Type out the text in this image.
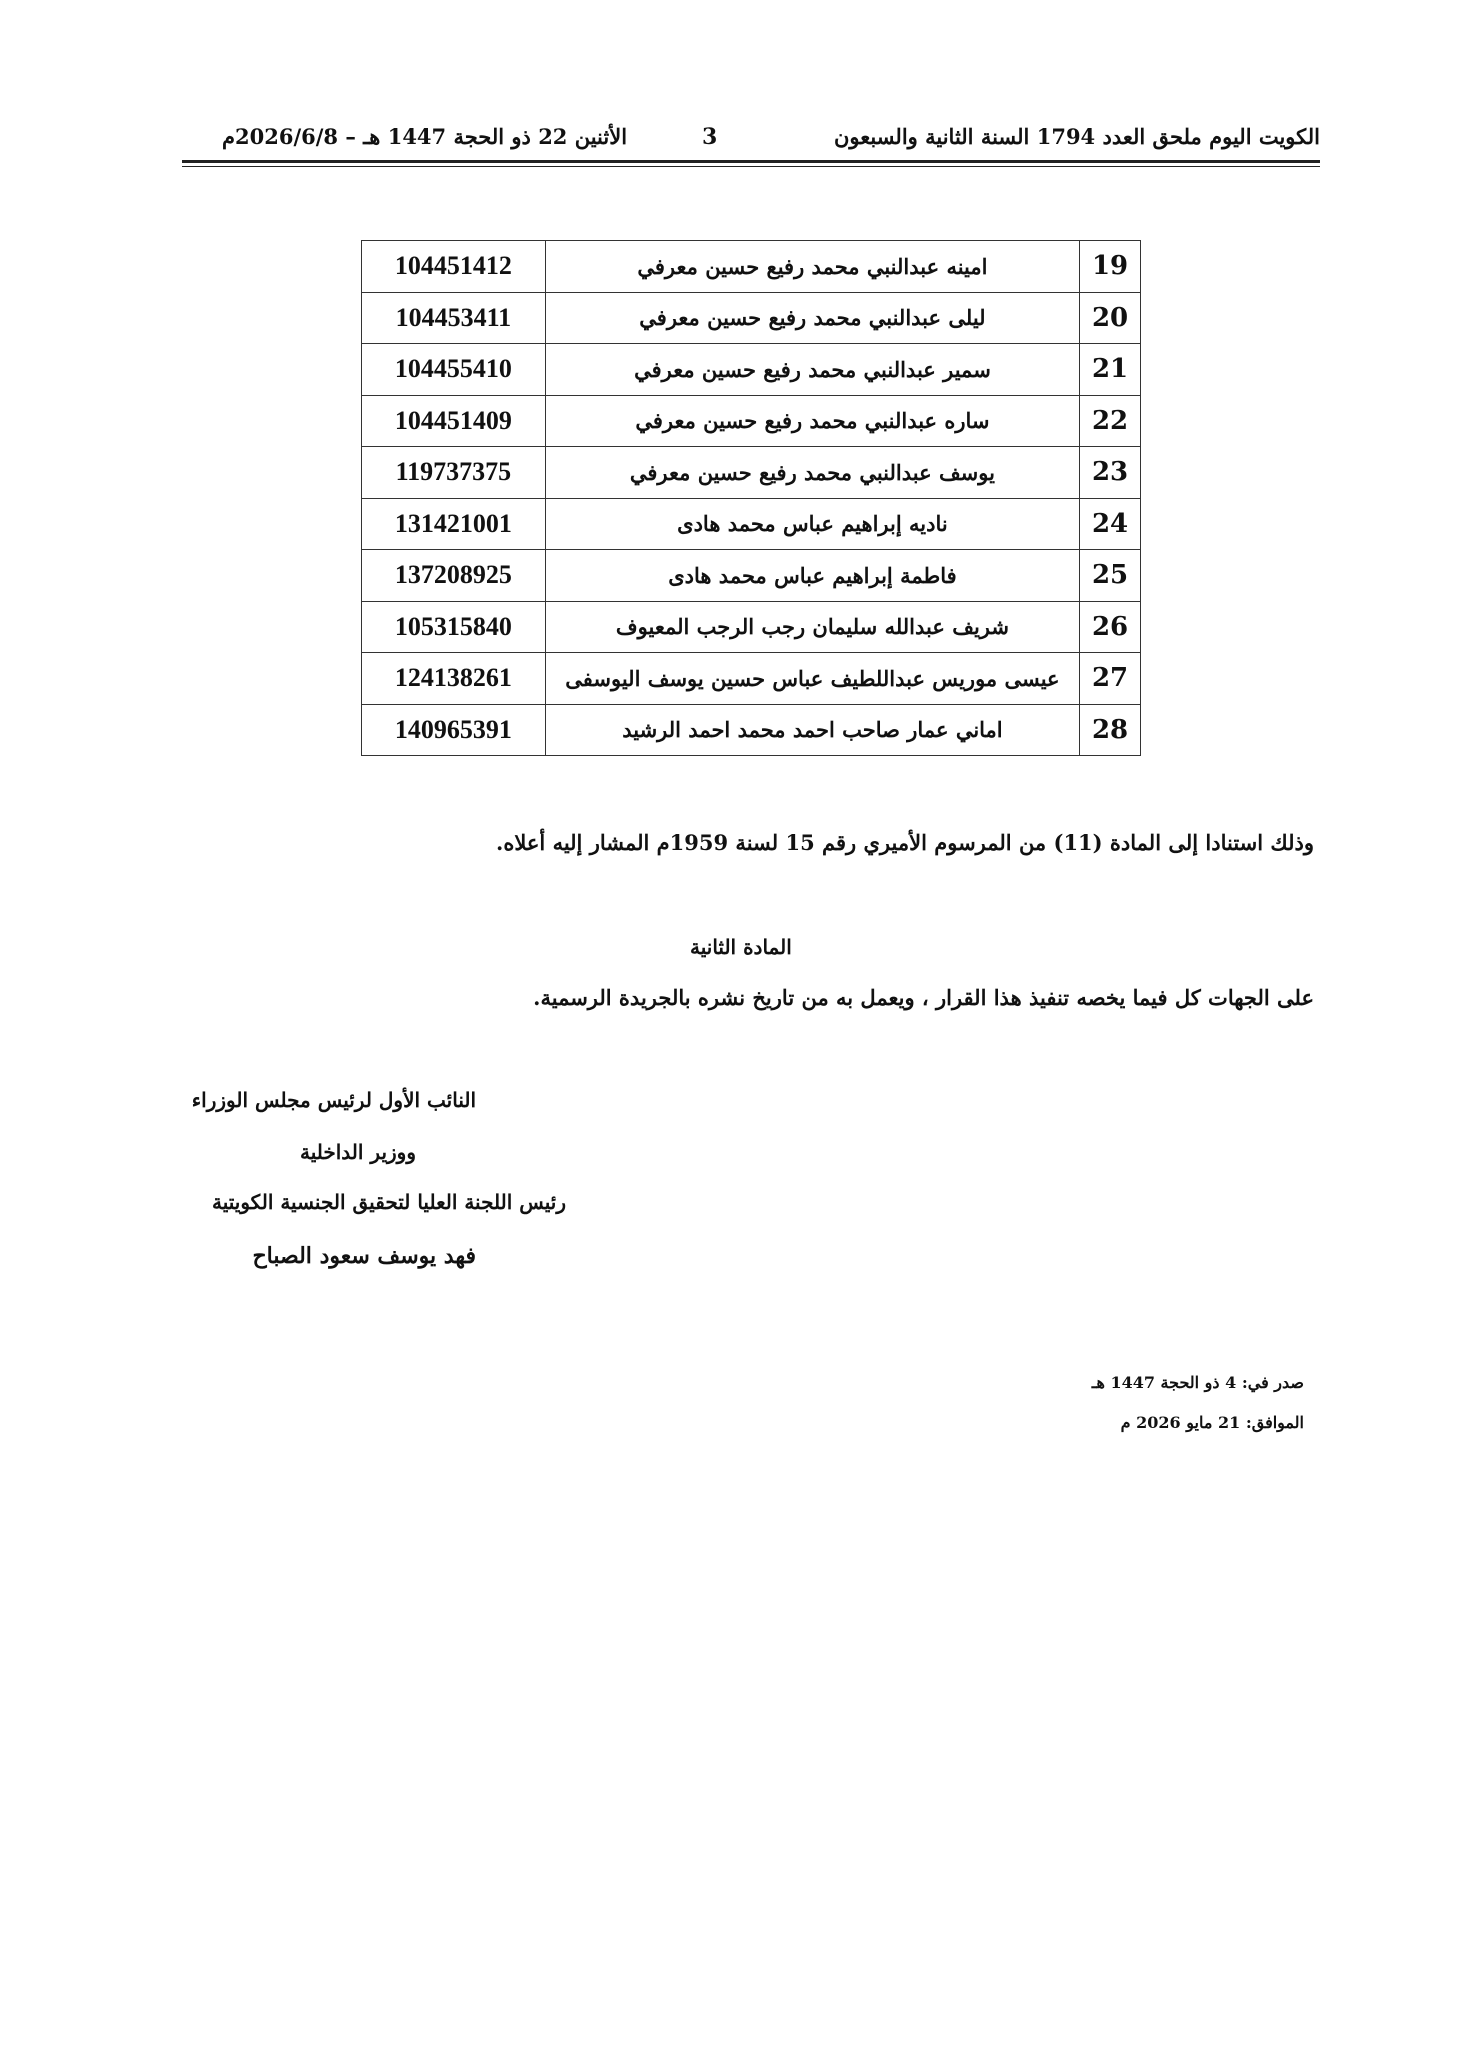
الكويت اليوم ملحق العدد 1794 السنة الثانية والسبعون
3
الأثنين 22 ذو الحجة 1447 هـ – 2026/6/8م
19	امينه عبدالنبي محمد رفيع حسين معرفي	104451412
20	ليلى عبدالنبي محمد رفيع حسين معرفي	104453411
21	سمير عبدالنبي محمد رفيع حسين معرفي	104455410
22	ساره عبدالنبي محمد رفيع حسين معرفي	104451409
23	يوسف عبدالنبي محمد رفيع حسين معرفي	119737375
24	ناديه إبراهيم عباس محمد هادى	131421001
25	فاطمة إبراهيم عباس محمد هادى	137208925
26	شريف عبدالله سليمان رجب الرجب المعيوف	105315840
27	عيسى موريس عبداللطيف عباس حسين يوسف اليوسفى	124138261
28	اماني عمار صاحب احمد محمد احمد الرشيد	140965391
وذلك استنادا إلى المادة (11) من المرسوم الأميري رقم 15 لسنة 1959م المشار إليه أعلاه.
المادة الثانية
على الجهات كل فيما يخصه تنفيذ هذا القرار ، ويعمل به من تاريخ نشره بالجريدة الرسمية.
النائب الأول لرئيس مجلس الوزراء
ووزير الداخلية
رئيس اللجنة العليا لتحقيق الجنسية الكويتية
فهد يوسف سعود الصباح
صدر في: 4 ذو الحجة 1447 هـ
الموافق: 21 مايو 2026 م
